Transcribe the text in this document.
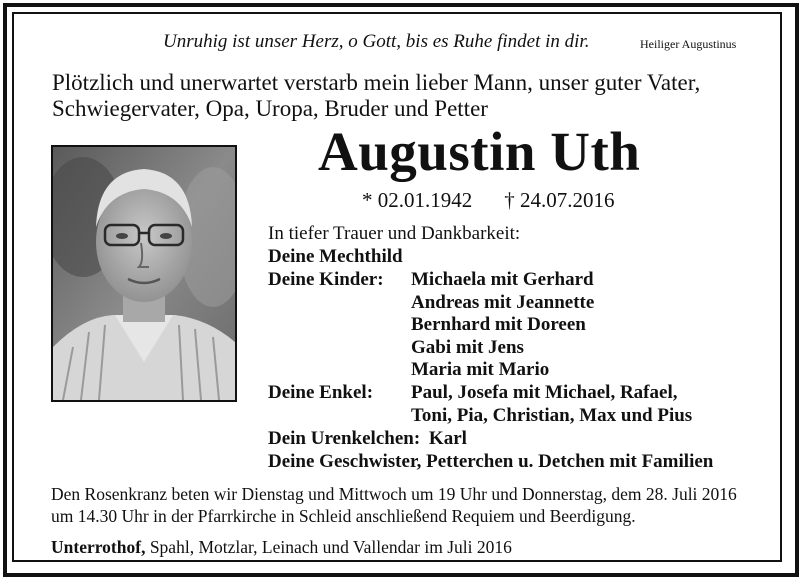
Unruhig ist unser Herz, o Gott, bis es Ruhe findet in dir.	Heiliger Augustinus
Plötzlich und unerwartet verstarb mein lieber Mann, unser guter Vater,
Schwiegervater, Opa, Uropa, Bruder und Petter
Augustin Uth
* 02.01.1942 † 24.07.2016
In tiefer Trauer und Dankbarkeit:
Deine Mechthild
Deine Kinder: Michaela mit Gerhard
Andreas mit Jeannette
Bernhard mit Doreen
Gabi mit Jens
Maria mit Mario
Deine Enkel: Paul, Josefa mit Michael, Rafael,
Toni, Pia, Christian, Max und Pius
Dein Urenkelchen: Karl
Deine Geschwister, Petterchen u. Detchen mit Familien
Den Rosenkranz beten wir Dienstag und Mittwoch um 19 Uhr und Donnerstag, dem 28. Juli 2016
um 14.30 Uhr in der Pfarrkirche in Schleid anschließend Requiem und Beerdigung.
Unterrothof, Spahl, Motzlar, Leinach und Vallendar im Juli 2016
